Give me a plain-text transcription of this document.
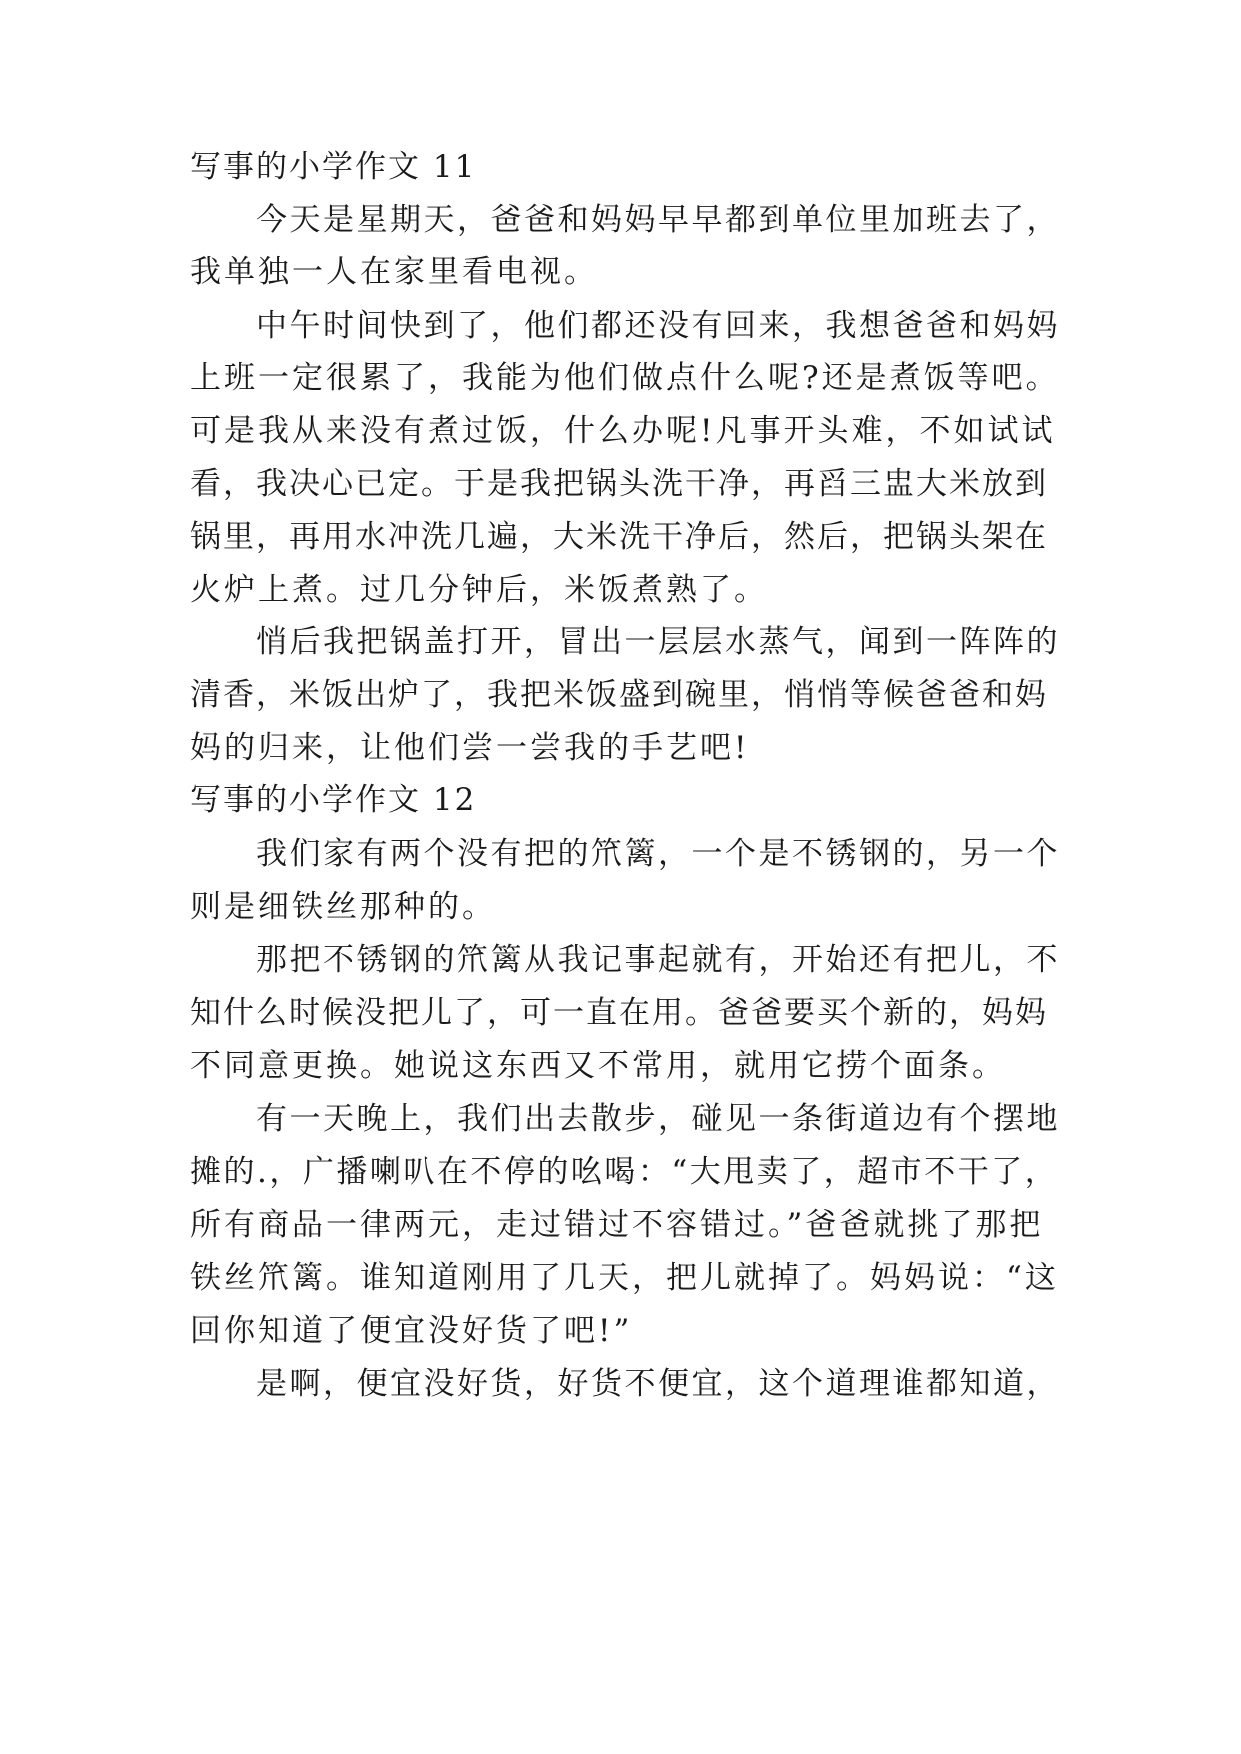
写事的小学作文 11
今天是星期天，爸爸和妈妈早早都到单位里加班去了，
我单独一人在家里看电视。
中午时间快到了，他们都还没有回来，我想爸爸和妈妈
上班一定很累了，我能为他们做点什么呢?还是煮饭等吧。
可是我从来没有煮过饭，什么办呢!凡事开头难，不如试试
看，我决心已定。于是我把锅头洗干净，再舀三盅大米放到
锅里，再用水冲洗几遍，大米洗干净后，然后，把锅头架在
火炉上煮。过几分钟后，米饭煮熟了。
悄后我把锅盖打开，冒出一层层水蒸气，闻到一阵阵的
清香，米饭出炉了，我把米饭盛到碗里，悄悄等候爸爸和妈
妈的归来，让他们尝一尝我的手艺吧!
写事的小学作文 12
我们家有两个没有把的笊篱，一个是不锈钢的，另一个
则是细铁丝那种的。
那把不锈钢的笊篱从我记事起就有，开始还有把儿，不
知什么时候没把儿了，可一直在用。爸爸要买个新的，妈妈
不同意更换。她说这东西又不常用，就用它捞个面条。
有一天晚上，我们出去散步，碰见一条街道边有个摆地
摊的.，广播喇叭在不停的吆喝：“大甩卖了，超市不干了，
所有商品一律两元，走过错过不容错过。”爸爸就挑了那把
铁丝笊篱。谁知道刚用了几天，把儿就掉了。妈妈说：“这
回你知道了便宜没好货了吧!”
是啊，便宜没好货，好货不便宜，这个道理谁都知道，
